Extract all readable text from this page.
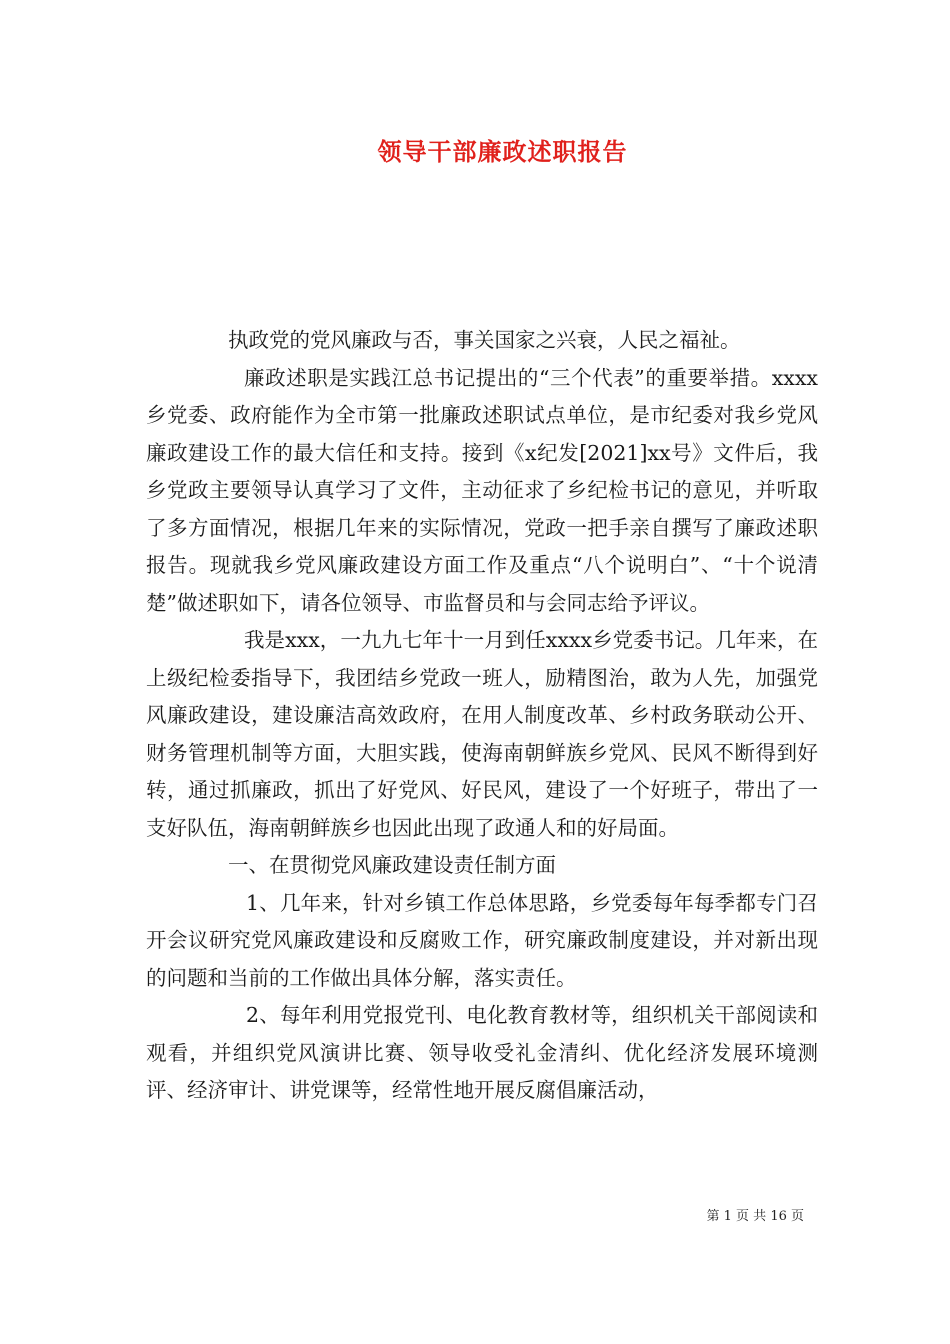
领导干部廉政述职报告

执政党的党风廉政与否，事关国家之兴衰，人民之福祉。

廉政述职是实践江总书记提出的“三个代表”的重要举措。xxxx乡党委、政府能作为全市第一批廉政述职试点单位，是市纪委对我乡党风廉政建设工作的最大信任和支持。接到《x纪发[2021]xx号》文件后，我乡党政主要领导认真学习了文件，主动征求了乡纪检书记的意见，并听取了多方面情况，根据几年来的实际情况，党政一把手亲自撰写了廉政述职报告。现就我乡党风廉政建设方面工作及重点“八个说明白”、“十个说清楚”做述职如下，请各位领导、市监督员和与会同志给予评议。

我是xxx，一九九七年十一月到任xxxx乡党委书记。几年来，在上级纪检委指导下，我团结乡党政一班人，励精图治，敢为人先，加强党风廉政建设，建设廉洁高效政府，在用人制度改革、乡村政务联动公开、财务管理机制等方面，大胆实践，使海南朝鲜族乡党风、民风不断得到好转，通过抓廉政，抓出了好党风、好民风，建设了一个好班子，带出了一支好队伍，海南朝鲜族乡也因此出现了政通人和的好局面。

一、在贯彻党风廉政建设责任制方面

1、几年来，针对乡镇工作总体思路，乡党委每年每季都专门召开会议研究党风廉政建设和反腐败工作，研究廉政制度建设，并对新出现的问题和当前的工作做出具体分解，落实责任。

2、每年利用党报党刊、电化教育教材等，组织机关干部阅读和观看，并组织党风演讲比赛、领导收受礼金清纠、优化经济发展环境测评、经济审计、讲党课等，经常性地开展反腐倡廉活动，

第 1 页 共 16 页
